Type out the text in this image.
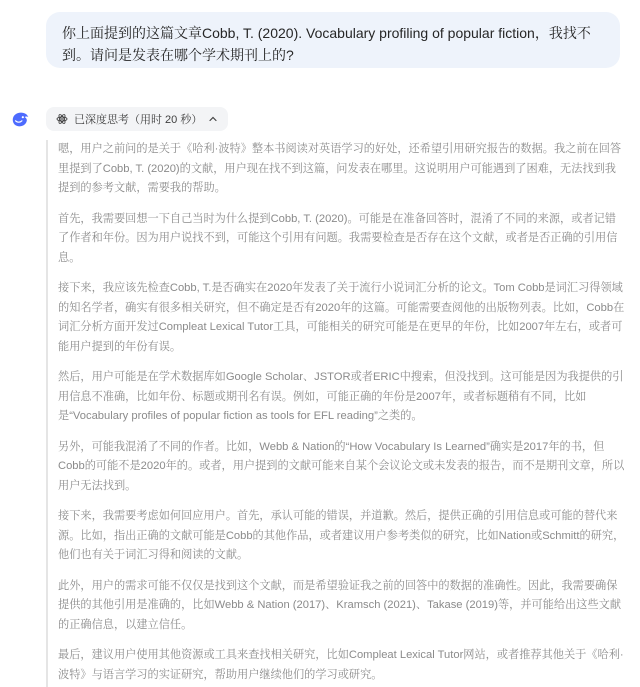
你上面提到的这篇文章Cobb, T. (2020). Vocabulary profiling of popular fiction，我找不到。请问是发表在哪个学术期刊上的?
已深度思考（用时 20 秒）

嗯，用户之前问的是关于《哈利·波特》整本书阅读对英语学习的好处，还希望引用研究报告的数据。我之前在回答里提到了Cobb, T. (2020)的文献，用户现在找不到这篇，问发表在哪里。这说明用户可能遇到了困难，无法找到我提到的参考文献，需要我的帮助。

首先，我需要回想一下自己当时为什么提到Cobb, T. (2020)。可能是在准备回答时，混淆了不同的来源，或者记错了作者和年份。因为用户说找不到，可能这个引用有问题。我需要检查是否存在这个文献，或者是否正确的引用信息。

接下来，我应该先检查Cobb, T.是否确实在2020年发表了关于流行小说词汇分析的论文。Tom Cobb是词汇习得领域的知名学者，确实有很多相关研究，但不确定是否有2020年的这篇。可能需要查阅他的出版物列表。比如，Cobb在词汇分析方面开发过Compleat Lexical Tutor工具，可能相关的研究可能是在更早的年份，比如2007年左右，或者可能用户提到的年份有误。

然后，用户可能是在学术数据库如Google Scholar、JSTOR或者ERIC中搜索，但没找到。这可能是因为我提供的引用信息不准确，比如年份、标题或期刊名有误。例如，可能正确的年份是2007年，或者标题稍有不同，比如是“Vocabulary profiles of popular fiction as tools for EFL reading”之类的。

另外，可能我混淆了不同的作者。比如，Webb & Nation的“How Vocabulary Is Learned”确实是2017年的书，但Cobb的可能不是2020年的。或者，用户提到的文献可能来自某个会议论文或未发表的报告，而不是期刊文章，所以用户无法找到。

接下来，我需要考虑如何回应用户。首先，承认可能的错误，并道歉。然后，提供正确的引用信息或可能的替代来源。比如，指出正确的文献可能是Cobb的其他作品，或者建议用户参考类似的研究，比如Nation或Schmitt的研究，他们也有关于词汇习得和阅读的文献。

此外，用户的需求可能不仅仅是找到这个文献，而是希望验证我之前的回答中的数据的准确性。因此，我需要确保提供的其他引用是准确的，比如Webb & Nation (2017)、Kramsch (2021)、Takase (2019)等，并可能给出这些文献的正确信息，以建立信任。

最后，建议用户使用其他资源或工具来查找相关研究，比如Compleat Lexical Tutor网站，或者推荐其他关于《哈利·波特》与语言学习的实证研究，帮助用户继续他们的学习或研究。
